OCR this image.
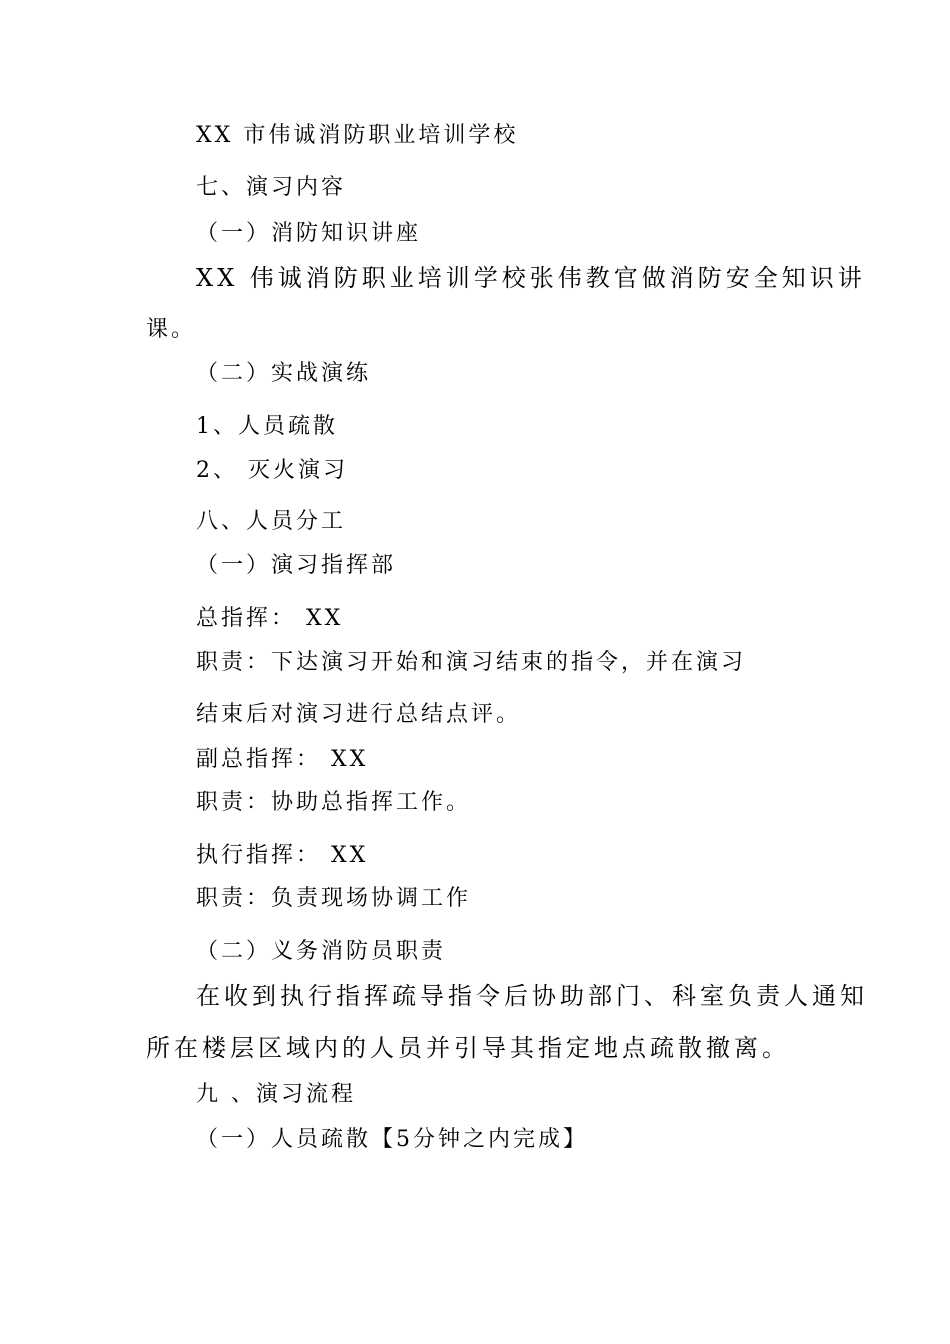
XX 市伟诚消防职业培训学校
七、演习内容
（一）消防知识讲座
XX 伟诚消防职业培训学校张伟教官做消防安全知识讲
课。
（二）实战演练
1、人员疏散
2、 灭火演习
八、人员分工
（一）演习指挥部
总指挥： XX
职责：下达演习开始和演习结束的指令，并在演习
结束后对演习进行总结点评。
副总指挥： XX
职责：协助总指挥工作。
执行指挥： XX
职责：负责现场协调工作
（二）义务消防员职责
在收到执行指挥疏导指令后协助部门、科室负责人通知
所在楼层区域内的人员并引导其指定地点疏散撤离。
九 、演习流程
（一）人员疏散【5分钟之内完成】
